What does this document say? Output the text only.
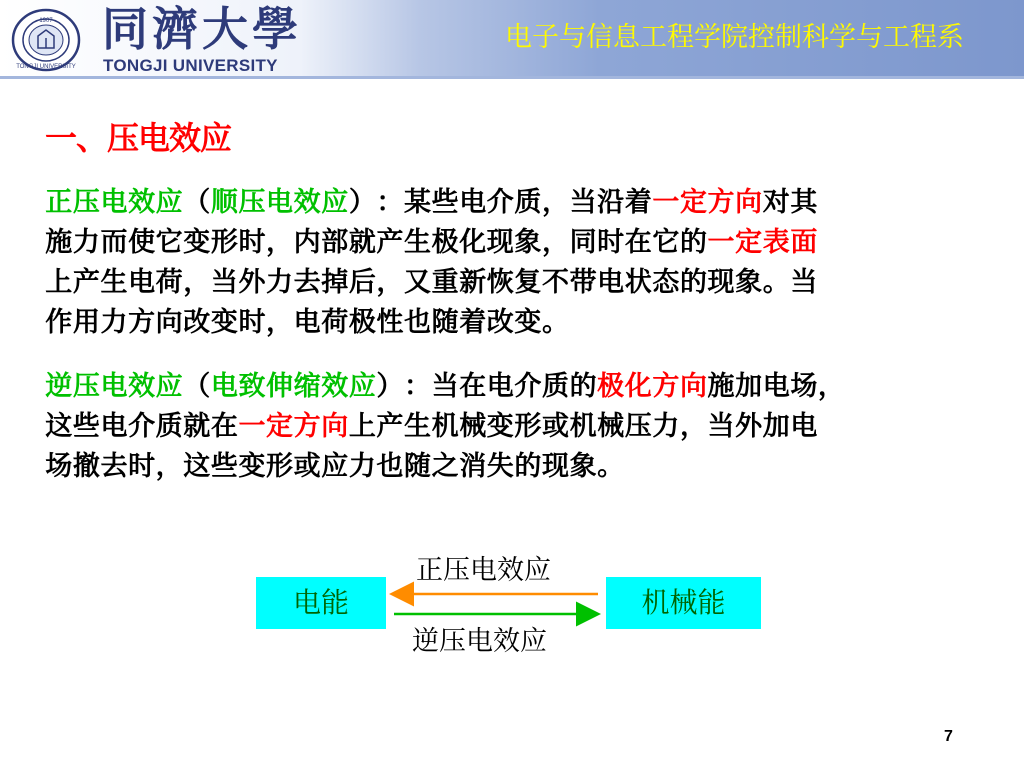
TONGJI UNIVERSITY
1907 同濟大學
TONGJI UNIVERSITY
电子与信息工程学院控制科学与工程系
一、压电效应
正压电效应（顺压电效应）：某些电介质，当沿着一定方向对其
施力而使它变形时，内部就产生极化现象，同时在它的一定表面
上产生电荷，当外力去掉后，又重新恢复不带电状态的现象。当
作用力方向改变时，电荷极性也随着改变。
逆压电效应（电致伸缩效应）：当在电介质的极化方向施加电场，
这些电介质就在一定方向上产生机械变形或机械压力，当外加电
场撤去时，这些变形或应力也随之消失的现象。
电能	机械能
正压电效应
逆压电效应
7
